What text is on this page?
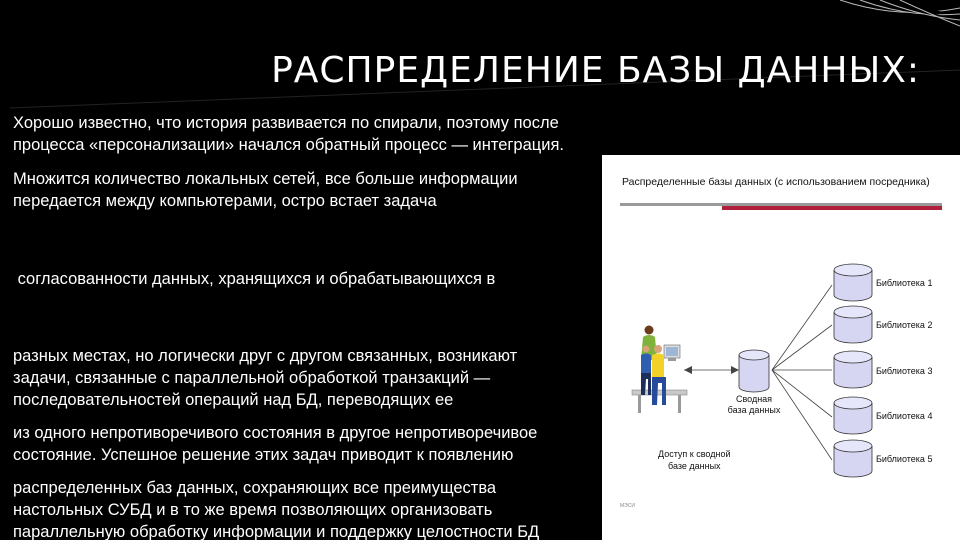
РАСПРЕДЕЛЕНИЕ БАЗЫ ДАННЫХ:
Хорошо известно, что история развивается по спирали, поэтому после
процесса «персонализации» начался обратный процесс — интеграция.
Множится количество локальных сетей, все больше информации
передается между компьютерами, остро встает задача

согласованности данных, хранящихся и обрабатывающихся в

разных местах, но логически друг с другом связанных, возникают
задачи, связанные с параллельной обработкой транзакций —
последовательностей операций над БД, переводящих ее
из одного непротиворечивого состояния в другое непротиворечивое
состояние. Успешное решение этих задач приводит к появлению
распределенных баз данных, сохраняющих все преимущества
настольных СУБД и в то же время позволяющих организовать
параллельную обработку информации и поддержку целостности БД
Распределенные базы данных (с использованием посредника)
Сводная
база данных
Библиотека 1
Библиотека 2
Библиотека 3
Библиотека 4
Библиотека 5
Доступ к сводной
базе данных
МЭСИ
